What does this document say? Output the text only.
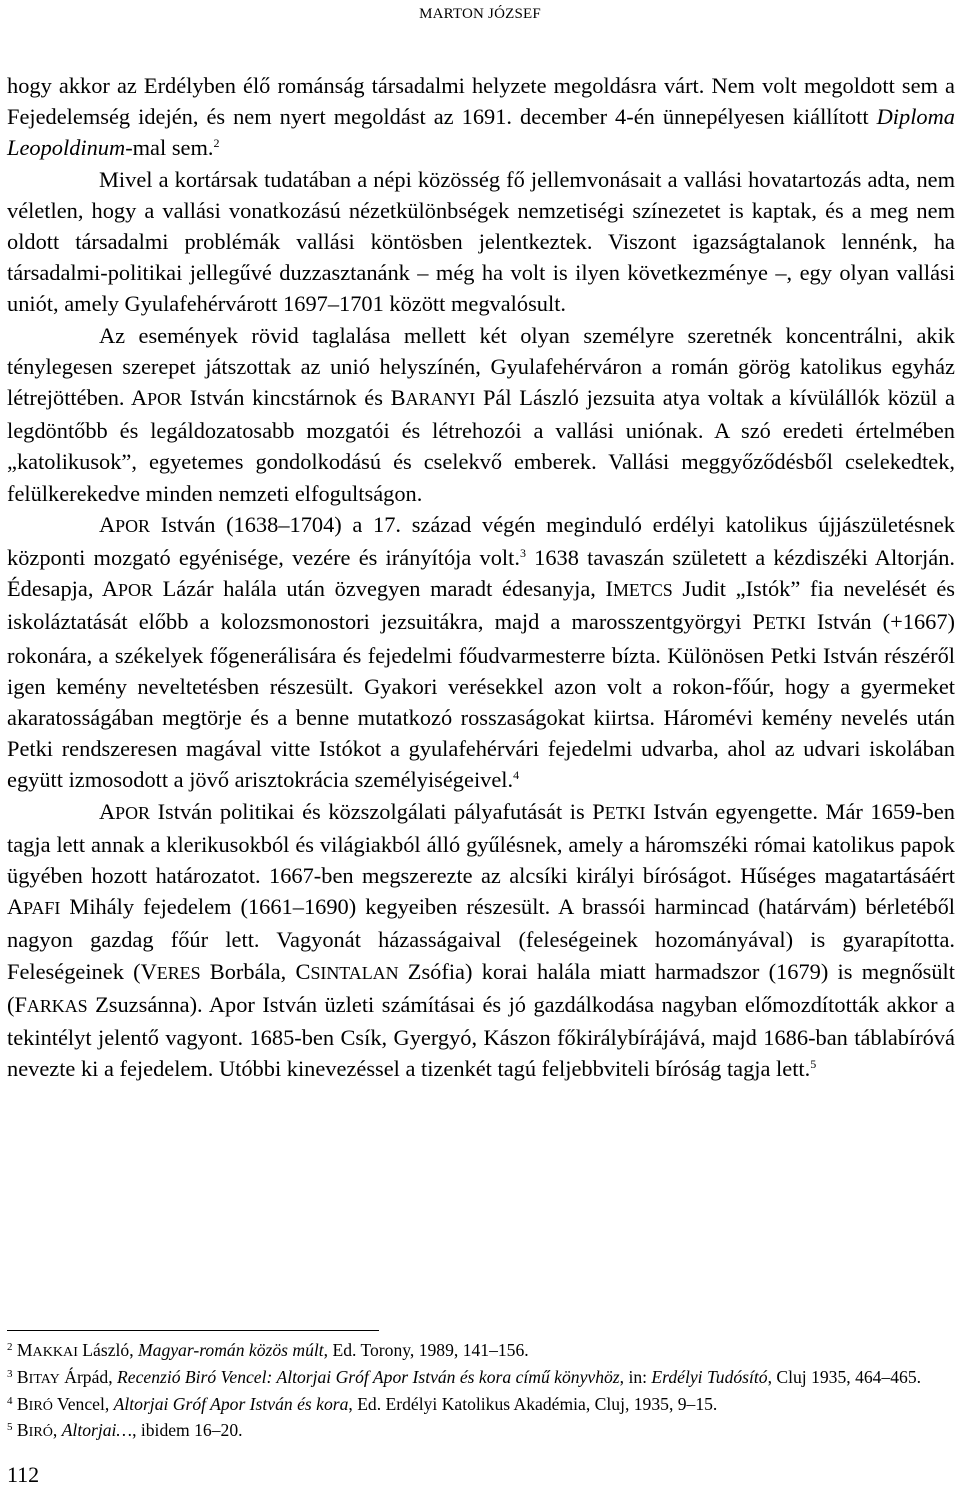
MARTON JÓZSEF

hogy akkor az Erdélyben élő románság társadalmi helyzete megoldásra várt. Nem volt megoldott sem a Fejedelemség idején, és nem nyert megoldást az 1691. december 4-én ünnepélyesen kiállított Diploma Leopoldinum-mal sem.$^2$

Mivel a kortársak tudatában a népi közösség fő jellemvonásait a vallási hovatartozás adta, nem véletlen, hogy a vallási vonatkozású nézetkülönbségek nemzetiségi színezetet is kaptak, és a meg nem oldott társadalmi problémák vallási köntösben jelentkeztek. Viszont igazságtalanok lennénk, ha társadalmi-politikai jellegűvé duzzasztanánk – még ha volt is ilyen következménye –, egy olyan vallási uniót, amely Gyulafehérvárott 1697–1701 között megvalósult.

Az események rövid taglalása mellett két olyan személyre szeretnék koncentrálni, akik ténylegesen szerepet játszottak az unió helyszínén, Gyulafehérváron a román görög katolikus egyház létrejöttében. APOR István kincstárnok és BARANYI Pál László jezsuita atya voltak a kívülállók közül a legdöntőbb és legáldozatosabb mozgatói és létrehozói a vallási uniónak. A szó eredeti értelmében „katolikusok”, egyetemes gondolkodású és cselekvő emberek. Vallási meggyőződésből cselekedtek, felülkerekedve minden nemzeti elfogultságon.

APOR István (1638–1704) a 17. század végén meginduló erdélyi katolikus újjászületésnek központi mozgató egyénisége, vezére és irányítója volt.$^3$ 1638 tavaszán született a kézdiszéki Altorján. Édesapja, APOR Lázár halála után özvegyen maradt édesanyja, IMETCS Judit „Istók” fia nevelését és iskoláztatását előbb a kolozsmonostori jezsuitákra, majd a marosszentgyörgyi PETKI István (+1667) rokonára, a székelyek főgenerálisára és fejedelmi főudvarmesterre bízta. Különösen Petki István részéről igen kemény neveltetésben részesült. Gyakori verésekkel azon volt a rokon-főúr, hogy a gyermeket akaratosságában megtörje és a benne mutatkozó rosszaságokat kiirtsa. Háromévi kemény nevelés után Petki rendszeresen magával vitte Istókot a gyulafehérvári fejedelmi udvarba, ahol az udvari iskolában együtt izmosodott a jövő arisztokrácia személyiségeivel.$^4$

APOR István politikai és közszolgálati pályafutását is PETKI István egyengette. Már 1659-ben tagja lett annak a klerikusokból és világiakból álló gyűlésnek, amely a háromszéki római katolikus papok ügyében hozott határozatot. 1667-ben megszerezte az alcsíki királyi bíróságot. Hűséges magatartásáért APAFI Mihály fejedelem (1661–1690) kegyeiben részesült. A brassói harmincad (határvám) bérletéből nagyon gazdag főúr lett. Vagyonát házasságaival (feleségeinek hozományával) is gyarapította. Feleségeinek (VERES Borbála, CSINTALAN Zsófia) korai halála miatt harmadszor (1679) is megnősült (FARKAS Zsuzsánna). Apor István üzleti számításai és jó gazdálkodása nagyban előmozdították akkor a tekintélyt jelentő vagyont. 1685-ben Csík, Gyergyó, Kászon főkirálybírájává, majd 1686-ban táblabíróvá nevezte ki a fejedelem. Utóbbi kinevezéssel a tizenkét tagú feljebbviteli bíróság tagja lett.$^5$

$^2$ MAKKAI László, Magyar-román közös múlt, Ed. Torony, 1989, 141–156.

$^3$ BITAY Árpád, Recenzió Biró Vencel: Altorjai Gróf Apor István és kora című könyvhöz, in: Erdélyi Tudósító, Cluj 1935, 464–465.

$^4$ BIRÓ Vencel, Altorjai Gróf Apor István és kora, Ed. Erdélyi Katolikus Akadémia, Cluj, 1935, 9–15.

$^5$ BIRÓ, Altorjai…, ibidem 16–20.

112
